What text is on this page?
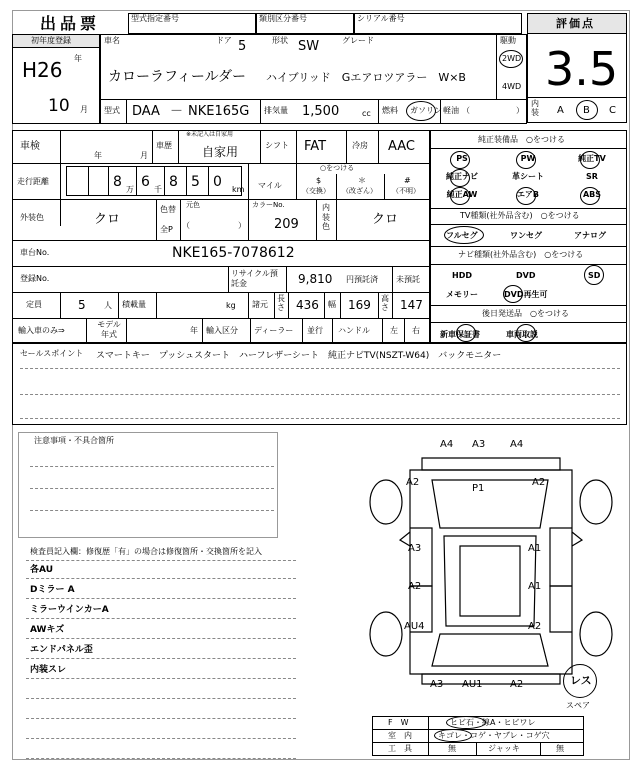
出品票	型式指定番号	類別区分番号	シリアル番号	評価点
3.5
内装 A B C
初年度登録
H26 年
10 月
車名	ドア 5	形状 SW	グレード
カローラフィールダー ハイブリッド　Gエアロツアラー　W×B
駆動
2WD
4WD
型式 DAA － NKE165G 排気量 1,500	cc 燃料 ガソリン 軽油 （	）
車検
年	月
車歴
※未記入は自家用
自家用	シフト FAT	冷房 AAC
走行距離	8 万 6 千 8 5 0 km マイル
○をつける
$
（交換）
＊
（改ざん）
#
（不明）
外装色	クロ
色替
全P
元色
（	）
カラーNo.
209
内装色	クロ
車台No.	NKE165-7078612
登録No.
リサイクル預託金	9,810 円預託済 未預託
定員	5 人 積載量	kg 諸元
長さ 436 幅 169 高さ 147
輸入車のみ⇒
モデル年式	年 輸入区分 ディーラー 並行 ハンドル	左 右
純正装備品　○をつける
PS	PW	純正TV
純正ナビ	革シート	SR
純正AW	エアB	ABS
TV種類(社外品含む)　○をつける
ナビ種類(社外品含む)　○をつける
後日発送品　○をつける
フルセグ	ワンセグ	アナログ
HDD	DVD	SD
メモリー	DVD再生可
新車保証書	車両取説
セールスポイント スマートキー　プッシュスタート　ハーフレザーシート　純正ナビTV(NSZT-W64)　バックモニター
注意事項・不具合箇所
検査員記入欄：修復歴「有」の場合は修復箇所・交換箇所を記入
各AU
Dミラー A
ミラーウインカーA
AWキズ
エンドパネル歪
内装スレ
A4 A3 A4
A2
P1
A2
A3	A1
A2	A1
AU4	A2
A3 AU1	A2	レス
スペア
F　W	ヒビ石・線A・ヒビワレ
室　内	キゴレ・コゲ・ヤブレ・コゲ穴
工　具	無	ジャッキ	無
